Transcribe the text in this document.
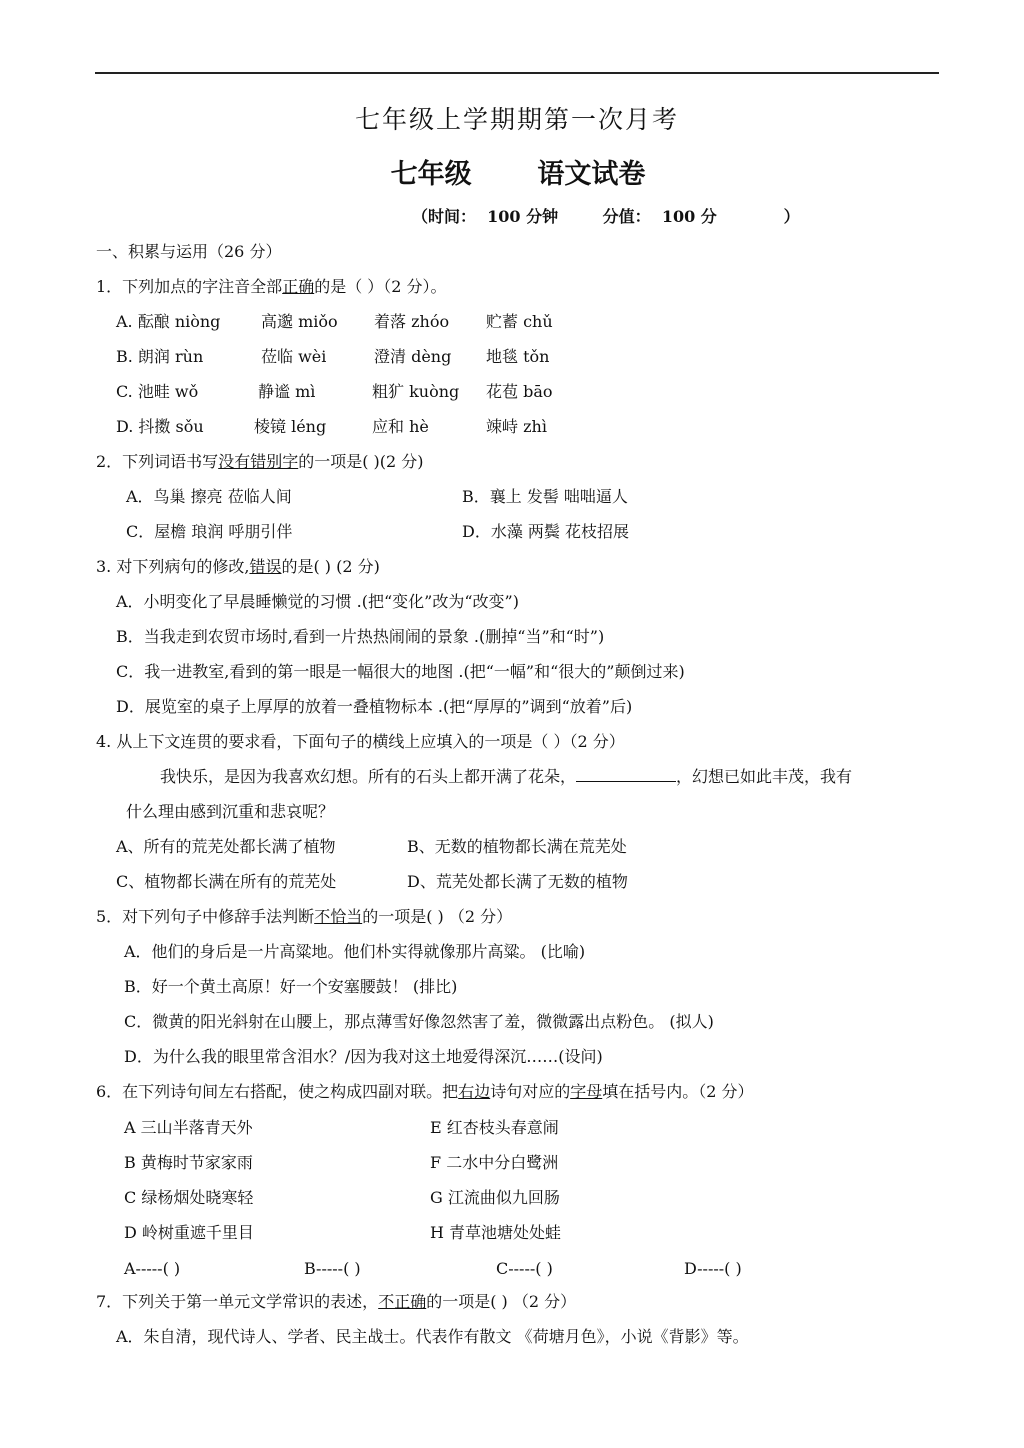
七年级上学期期第一次月考
七年级       语文试卷
（时间：  100 分钟        分值：  100 分            ）
一、积累与运用（26 分）
1．下列加点的字注音全部正确的是（ ）（2 分）。
A. 酝酿 niòng	高邈 miǒo 着落 zhóo 贮蓄 chǔ
B. 朗润 rùn	莅临 wèi	澄清 dèng 地毯 tǒn
C. 池畦 wǒ	静谧 mì	粗犷 kuòng 花苞 bāo
D. 抖擞 sǒu	棱镜 léng	应和 hè	竦峙 zhì
2．下列词语书写没有错别字的一项是( )(2 分)
A．鸟巢 擦亮 莅临人间	B．襄上 发髻 咄咄逼人
C．屋檐 琅润 呼朋引伴	D．水藻 两鬓 花枝招展
3. 对下列病句的修改,错误的是( ) (2 分)
A．小明变化了早晨睡懒觉的习惯 .(把“变化”改为“改变”)
B．当我走到农贸市场时,看到一片热热闹闹的景象 .(删掉“当”和“时”)
C．我一进教室,看到的第一眼是一幅很大的地图 .(把“一幅”和“很大的”颠倒过来)
D．展览室的桌子上厚厚的放着一叠植物标本 .(把“厚厚的”调到“放着”后)
4. 从上下文连贯的要求看，下面句子的横线上应填入的一项是（ ）（2 分）
我快乐，是因为我喜欢幻想。所有的石头上都开满了花朵，	，幻想已如此丰茂，我有
什么理由感到沉重和悲哀呢？
A、所有的荒芜处都长满了植物	B、无数的植物都长满在荒芜处
C、植物都长满在所有的荒芜处	D、荒芜处都长满了无数的植物
5．对下列句子中修辞手法判断不恰当的一项是( ) （2 分）
A．他们的身后是一片高粱地。他们朴实得就像那片高粱。 (比喻)
B．好一个黄土高原！好一个安塞腰鼓！ (排比)
C．微黄的阳光斜射在山腰上，那点薄雪好像忽然害了羞，微微露出点粉色。 (拟人)
D．为什么我的眼里常含泪水？/因为我对这土地爱得深沉……(设问)
6．在下列诗句间左右搭配，使之构成四副对联。把右边诗句对应的字母填在括号内。（2 分）
A 三山半落青天外	E 红杏枝头春意闹
B 黄梅时节家家雨	F 二水中分白鹭洲
C 绿杨烟处晓寒轻	G 江流曲似九回肠
D 岭树重遮千里目	H 青草池塘处处蛙
A-----( )	B-----( )	C-----( )	D-----( )
7．下列关于第一单元文学常识的表述，不正确的一项是( ) （2 分）
A．朱自清，现代诗人、学者、民主战士。代表作有散文 《荷塘月色》，小说《背影》等。
